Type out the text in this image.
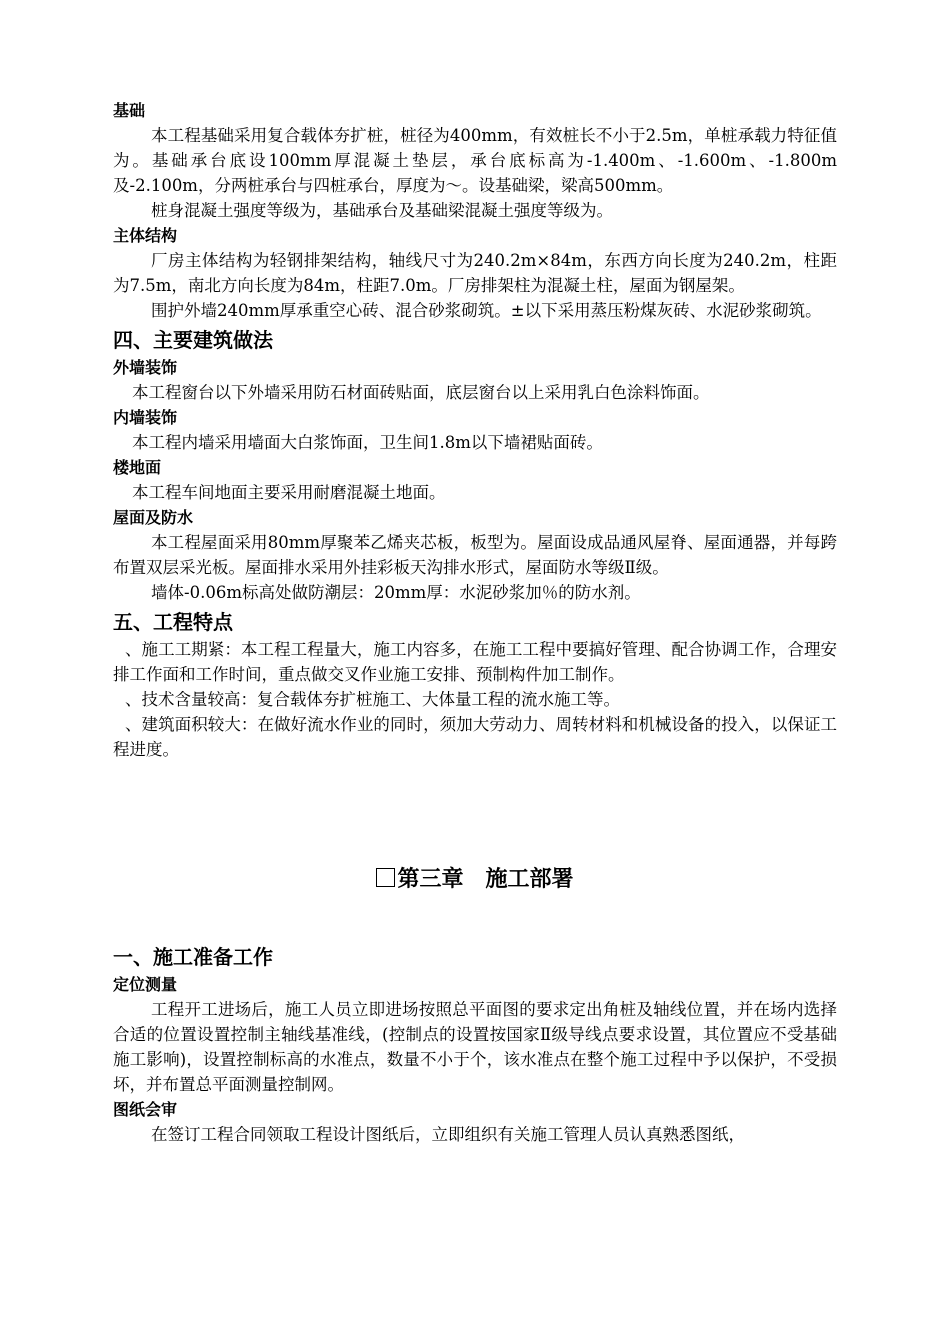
基础

本工程基础采用复合载体夯扩桩，桩径为400mm，有效桩长不小于2.5m，单桩承载力特征值为。基础承台底设100mm厚混凝土垫层，承台底标高为-1.400m、-1.600m、-1.800m及-2.100m，分两桩承台与四桩承台，厚度为～。设基础梁，梁高500mm。

桩身混凝土强度等级为，基础承台及基础梁混凝土强度等级为。

主体结构

厂房主体结构为轻钢排架结构，轴线尺寸为240.2m×84m，东西方向长度为240.2m，柱距为7.5m，南北方向长度为84m，柱距7.0m。厂房排架柱为混凝土柱，屋面为钢屋架。

围护外墙240mm厚承重空心砖、混合砂浆砌筑。±以下采用蒸压粉煤灰砖、水泥砂浆砌筑。

四、主要建筑做法
外墙装饰

本工程窗台以下外墙采用防石材面砖贴面，底层窗台以上采用乳白色涂料饰面。

内墙装饰

本工程内墙采用墙面大白浆饰面，卫生间1.8m以下墙裙贴面砖。

楼地面

本工程车间地面主要采用耐磨混凝土地面。

屋面及防水

本工程屋面采用80mm厚聚苯乙烯夹芯板，板型为。屋面设成品通风屋脊、屋面通器，并每跨布置双层采光板。屋面排水采用外挂彩板天沟排水形式，屋面防水等级Ⅱ级。

墙体-0.06m标高处做防潮层：20mm厚：水泥砂浆加％的防水剂。

五、工程特点

、施工工期紧：本工程工程量大，施工内容多，在施工工程中要搞好管理、配合协调工作，合理安排工作面和工作时间，重点做交叉作业施工安排、预制构件加工制作。

、技术含量较高：复合载体夯扩桩施工、大体量工程的流水施工等。

、建筑面积较大：在做好流水作业的同时，须加大劳动力、周转材料和机械设备的投入，以保证工程进度。

第三章　施工部署
一、施工准备工作
定位测量

工程开工进场后，施工人员立即进场按照总平面图的要求定出角桩及轴线位置，并在场内选择合适的位置设置控制主轴线基准线，(控制点的设置按国家Ⅱ级导线点要求设置，其位置应不受基础施工影响)，设置控制标高的水准点，数量不小于个，该水准点在整个施工过程中予以保护，不受损坏，并布置总平面测量控制网。

图纸会审

在签订工程合同领取工程设计图纸后，立即组织有关施工管理人员认真熟悉图纸，
